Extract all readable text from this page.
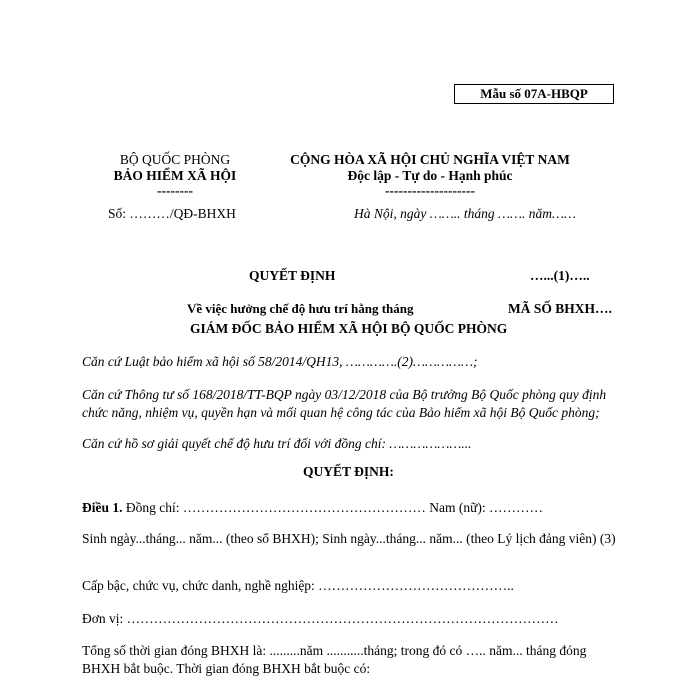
Mẫu số 07A-HBQP
BỘ QUỐC PHÒNG
BẢO HIỂM XÃ HỘI
--------
Số: ………/QĐ-BHXH
CỘNG HÒA XÃ HỘI CHỦ NGHĨA VIỆT NAM
Độc lập - Tự do - Hạnh phúc
--------------------
Hà Nội, ngày …….. tháng ……. năm……
QUYẾT ĐỊNH	…...(1)…..
Về việc hưởng chế độ hưu trí hằng tháng	MÃ SỐ BHXH….
GIÁM ĐỐC BẢO HIỂM XÃ HỘI BỘ QUỐC PHÒNG
Căn cứ Luật bảo hiểm xã hội số 58/2014/QH13, ………….(2)……………;
Căn cứ Thông tư số 168/2018/TT-BQP ngày 03/12/2018 của Bộ trưởng Bộ Quốc phòng quy định chức năng, nhiệm vụ, quyền hạn và mối quan hệ công tác của Bảo hiểm xã hội Bộ Quốc phòng;
Căn cứ hồ sơ giải quyết chế độ hưu trí đối với đồng chí: ………………...
QUYẾT ĐỊNH:
Điều 1. Đồng chí: ……………………………………………… Nam (nữ): …………
Sinh ngày...tháng... năm... (theo sổ BHXH); Sinh ngày...tháng... năm... (theo Lý lịch đảng viên) (3)
Cấp bậc, chức vụ, chức danh, nghề nghiệp: ……………………………………..
Đơn vị: ……………………………………………………………………………………
Tổng số thời gian đóng BHXH là: .........năm ...........tháng; trong đó có ….. năm... tháng đóng BHXH bắt buộc. Thời gian đóng BHXH bắt buộc có:
